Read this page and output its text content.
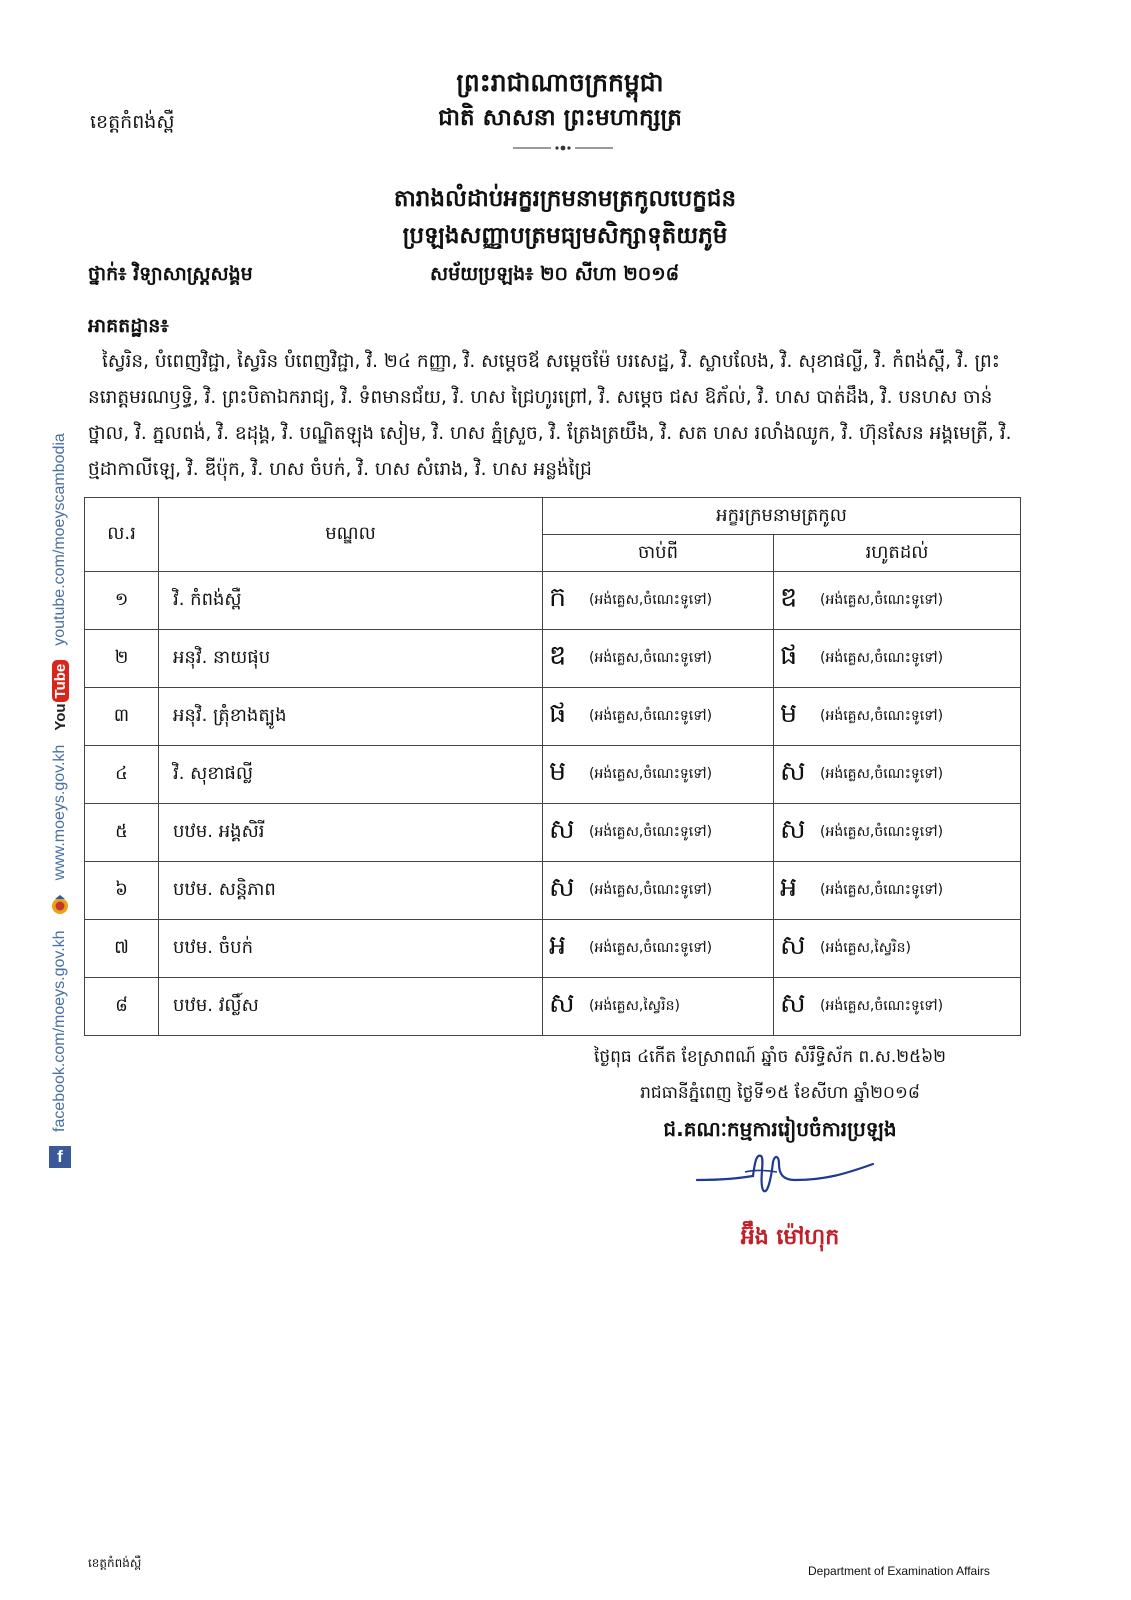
ព្រះរាជាណាចក្រកម្ពុជា
ជាតិ សាសនា ព្រះមហាក្សត្រ
ខេត្តកំពង់ស្ពឺ
តារាងលំដាប់អក្ខរក្រមនាមត្រកូលបេក្ខជន
ប្រឡងសញ្ញាបត្រមធ្យមសិក្សាទុតិយភូមិ
ថ្នាក់៖ វិទ្យាសាស្ត្រសង្គម	សម័យប្រឡង៖ ២០ សីហា ២០១៨
អាគតដ្ឋាន៖
ស្វៃរិន, បំពេញវិជ្ជា, ស្វៃរិន បំពេញវិជ្ជា, វិ. ២៤ កញ្ញា, វិ. សម្តេចឪ សម្តេចម៉ែ បរសេដ្ឋ, វិ. ស្លាបលែង, វិ. សុខាផល្លី, វិ. កំពង់ស្ពឺ, វិ. ព្រះនរោត្តមរណឫទ្ធិ, វិ. ព្រះបិតាឯករាជ្យ, វិ. ទំពមានជ័យ, វិ. ហស ជ្រៃហូរព្រៅ, វិ. សម្តេច ជស ឱភ័ល់, វិ. ហស បាត់ដឹង, វិ. បនហស ចាន់ថ្នាល, វិ. ភ្នលពង់, វិ. ឧដុង្គ, វិ. បណ្ឌិតឡុង សៀម, វិ. ហស ភ្នំស្រួច, វិ. ត្រែងត្រយឹង, វិ. សត ហស រលាំងឈូក, វិ. ហ៊ុនសែន អង្គមេត្រី, វិ. ថ្មដាកាលីឡេ, វិ. ឌីប៉ុក, វិ. ហស ចំបក់, វិ. ហស សំរោង, វិ. ហស អន្លង់ជ្រៃ
ល.រ	មណ្ឌល	អក្ខរក្រមនាមត្រកូល	
		ចាប់ពី	រហូតដល់
១	វិ. កំពង់ស្ពឺ	ក (អង់គ្លេស,ចំណេះទូទៅ)	ឌ (អង់គ្លេស,ចំណេះទូទៅ)
២	អនុវិ. នាយផុប	ឌ (អង់គ្លេស,ចំណេះទូទៅ)	ផ (អង់គ្លេស,ចំណេះទូទៅ)
៣	អនុវិ. ត្រុំខាងត្បូង	ផ (អង់គ្លេស,ចំណេះទូទៅ)	ម (អង់គ្លេស,ចំណេះទូទៅ)
៤	វិ. សុខាផល្លី	ម (អង់គ្លេស,ចំណេះទូទៅ)	ស (អង់គ្លេស,ចំណេះទូទៅ)
៥	បឋម. អង្គសិរី	ស (អង់គ្លេស,ចំណេះទូទៅ)	ស (អង់គ្លេស,ចំណេះទូទៅ)
៦	បឋម. សន្តិភាព	ស (អង់គ្លេស,ចំណេះទូទៅ)	អ (អង់គ្លេស,ចំណេះទូទៅ)
៧	បឋម. ចំបក់	អ (អង់គ្លេស,ចំណេះទូទៅ)	ស (អង់គ្លេស,ស្វៃរិន)
៨	បឋម. វល្លិ៍ស	ស (អង់គ្លេស,ស្វៃរិន)	ស (អង់គ្លេស,ចំណេះទូទៅ)
ថ្ងៃពុធ ៤កើត ខែស្រាពណ៍ ឆ្នាំច សំរឹទ្ធិស័ក ព.ស.២៥៦២
រាជធានីភ្នំពេញ ថ្ងៃទី១៥ ខែសីហា ឆ្នាំ២០១៨
ជ.គណៈកម្មការរៀបចំការប្រឡង
អ៊ឹង ម៉ៅហុក
ខេត្តកំពង់ស្ពឺ
Department of Examination Affairs
f
facebook.com/moeys.gov.kh
www.moeys.gov.kh
You
Tube
youtube.com/moeyscambodia
